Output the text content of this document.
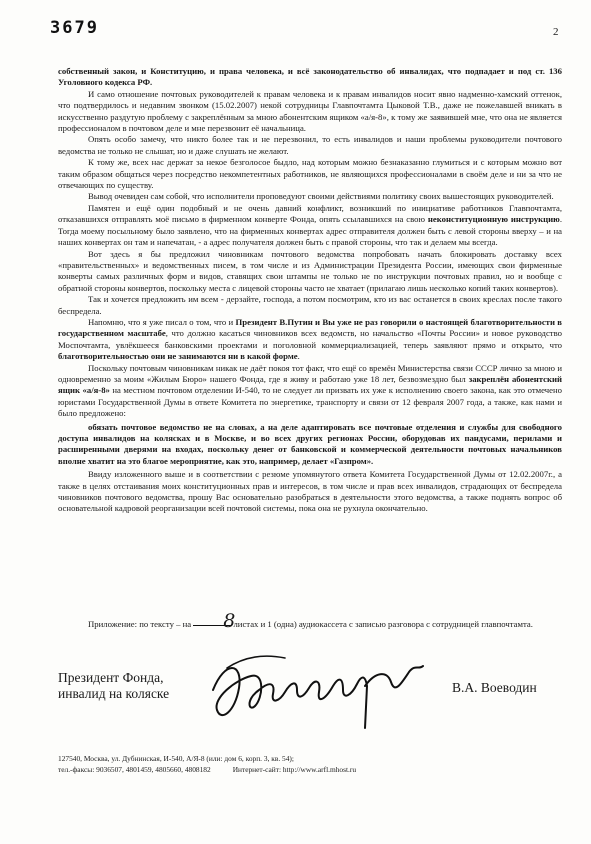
3679	2

собственный закон, и Конституцию, и права человека, и всё законодательство об инвалидах, что подпадает и под ст. 136 Уголовного кодекса РФ.

И само отношение почтовых руководителей к правам человека и к правам инвалидов носит явно надменно-хамский оттенок, что подтвердилось и недавним звонком (15.02.2007) некой сотрудницы Главпочтамта Цыковой Т.В., даже не пожелавшей вникать в искусственно раздутую проблему с закреплённым за мною абонентским ящиком «а/я-8», к тому же заявившей мне, что она не является профессионалом в почтовом деле и мне перезвонит её начальница.

Опять особо замечу, что никто более так и не перезвонил, то есть инвалидов и наши проблемы руководители почтового ведомства не только не слышат, но и даже слушать не желают.

К тому же, всех нас держат за некое безголосое быдло, над которым можно безнаказанно глумиться и с которым можно вот таким образом общаться через посредство некомпетентных работников, не являющихся профессионалами в своём деле и ни за что не отвечающих по существу.

Вывод очевиден сам собой, что исполнители проповедуют своими действиями политику своих вышестоящих руководителей.

Памятен и ещё один подобный и не очень давний конфликт, возникший по инициативе работников Главпочтамта, отказавшихся отправлять моё письмо в фирменном конверте Фонда, опять ссылавшихся на свою неконституционную инструкцию. Тогда моему посыльному было заявлено, что на фирменных конвертах адрес отправителя должен быть с левой стороны вверху – и на наших конвертах он там и напечатан, - а адрес получателя должен быть с правой стороны, что так и делаем мы всегда.

Вот здесь я бы предложил чиновникам почтового ведомства попробовать начать блокировать доставку всех «правительственных» и ведомственных писем, в том числе и из Администрации Президента России, имеющих свои фирменные конверты самых различных форм и видов, ставящих свои штампы не только не по инструкции почтовых правил, но и вообще с обратной стороны конвертов, поскольку места с лицевой стороны часто не хватает (прилагаю лишь несколько копий таких конвертов).

Так и хочется предложить им всем - дерзайте, господа, а потом посмотрим, кто из вас останется в своих креслах после такого беспредела.

Напомню, что я уже писал о том, что и Президент В.Путин и Вы уже не раз говорили о настоящей благотворительности в государственном масштабе, что должно касаться чиновников всех ведомств, но начальство «Почты России» и новое руководство Моспочтамта, увлёкшееся банковскими проектами и поголовной коммерциализацией, теперь заявляют прямо и открыто, что благотворительностью они не занимаются ни в какой форме.

Поскольку почтовым чиновникам никак не даёт покоя тот факт, что ещё со времён Министерства связи СССР лично за мною и одновременно за моим «Жилым Бюро» нашего Фонда, где я живу и работаю уже 18 лет, безвозмездно был закреплён абонентский ящик «а/я-8» на местном почтовом отделении И-540, то не следует ли призвать их уже к исполнению своего закона, как это отмечено юристами Государственной Думы в ответе Комитета по энергетике, транспорту и связи от 12 февраля 2007 года, а также, как нами и было предложено:

обязать почтовое ведомство не на словах, а на деле адаптировать все почтовые отделения и службы для свободного доступа инвалидов на колясках и в Москве, и во всех других регионах России, оборудовав их пандусами, перилами и расширенными дверями на входах, поскольку денег от банковской и коммерческой деятельности почтовых начальников вполне хватит на это благое мероприятие, как это, например, делает «Газпром».

Ввиду изложенного выше и в соответствии с резюме упомянутого ответа Комитета Государственной Думы от 12.02.2007г., а также в целях отстаивания моих конституционных прав и интересов, в том числе и прав всех инвалидов, страдающих от беспредела чиновников почтового ведомства, прошу Вас основательно разобраться в деятельности этого ведомства, а также поднять вопрос об основательной кадровой реорганизации всей почтовой системы, пока она не рухнула окончательно.

Приложение: по тексту – на 8 листах и 1 (одна) аудиокассета с записью разговора с сотрудницей главпочтамта.
Президент Фонда,
инвалид на коляске	В.А. Воеводин
127540, Москва, ул. Дубнинская, И-540, А/Я-8 (или: дом 6, корп. 3, кв. 54);
тел.-факсы: 9036507, 4801459, 4805660, 4808182	Интернет-сайт: http://www.arfl.mhost.ru
